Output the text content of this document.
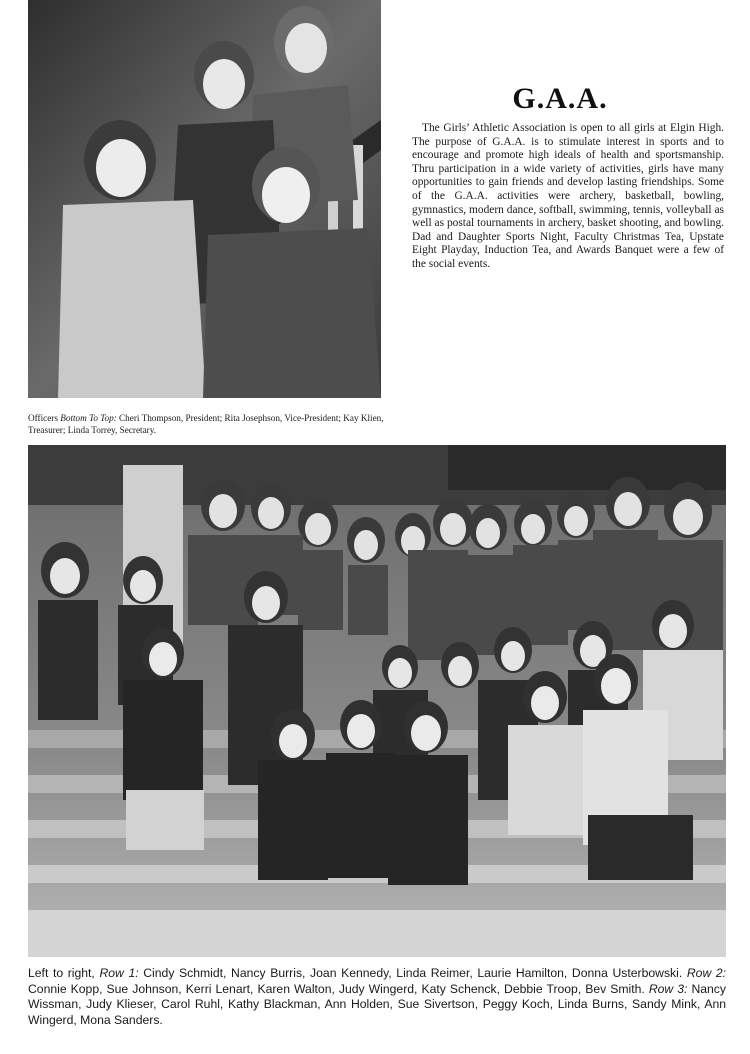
G.A.A.

The Girls’ Athletic Association is open to all girls at Elgin High. The purpose of G.A.A. is to stimulate interest in sports and to encourage and promote high ideals of health and sportsmanship. Thru participation in a wide variety of activities, girls have many opportunities to gain friends and develop lasting friendships. Some of the G.A.A. activities were archery, basketball, bowling, gymnastics, modern dance, softball, swimming, tennis, volleyball as well as postal tournaments in archery, basket shooting, and bowling. Dad and Daughter Sports Night, Faculty Christmas Tea, Upstate Eight Playday, Induction Tea, and Awards Banquet were a few of the social events.

Officers Bottom To Top: Cheri Thompson, President; Rita Josephson, Vice-President; Kay Klien, Treasurer; Linda Torrey, Secretary.

Left to right, Row 1: Cindy Schmidt, Nancy Burris, Joan Kennedy, Linda Reimer, Laurie Hamilton, Donna Usterbowski. Row 2: Connie Kopp, Sue Johnson, Kerri Lenart, Karen Walton, Judy Wingerd, Katy Schenck, Debbie Troop, Bev Smith. Row 3: Nancy Wissman, Judy Klieser, Carol Ruhl, Kathy Blackman, Ann Holden, Sue Sivertson, Peggy Koch, Linda Burns, Sandy Mink, Ann Wingerd, Mona Sanders.
